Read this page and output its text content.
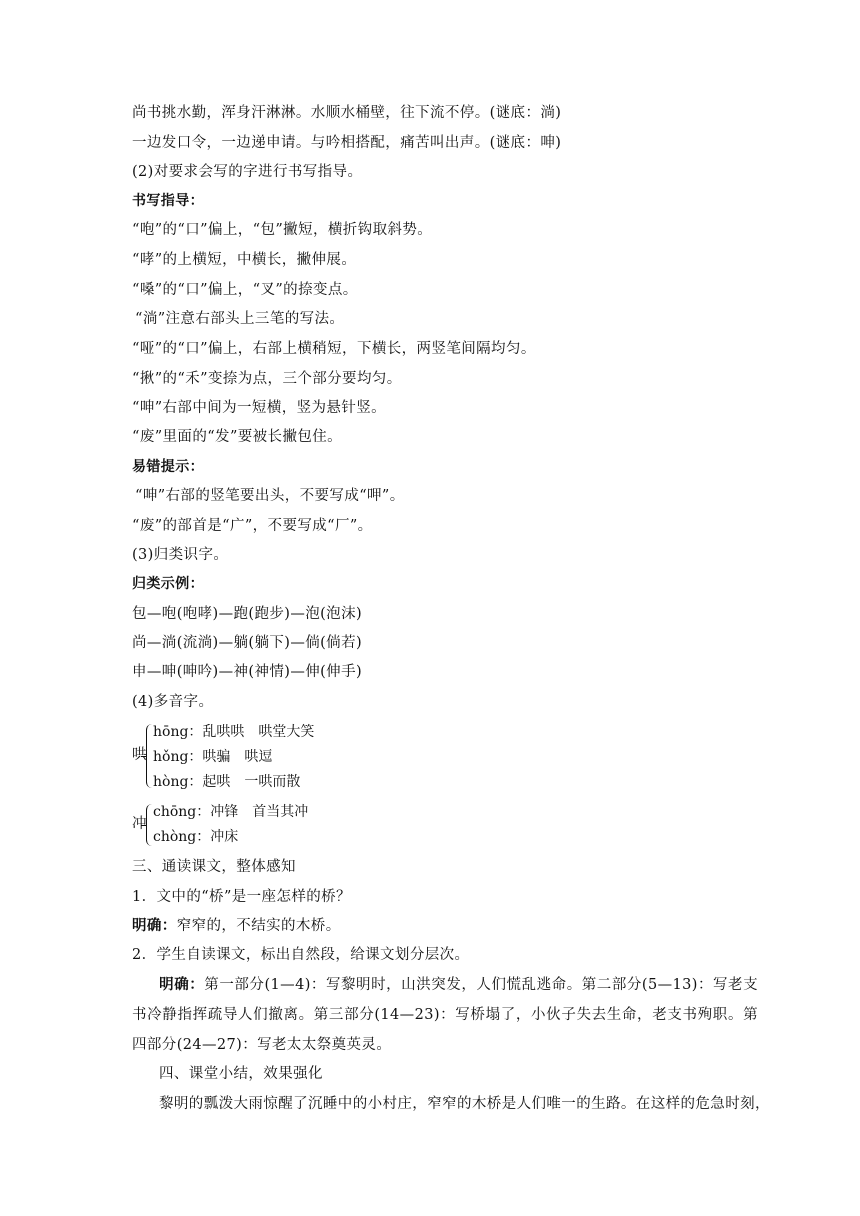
尚书挑水勤，浑身汗淋淋。水顺水桶壁，往下流不停。(谜底：淌)
一边发口令，一边递申请。与吟相搭配，痛苦叫出声。(谜底：呻)
(2)对要求会写的字进行书写指导。
书写指导：
“咆”的“口”偏上，“包”撇短，横折钩取斜势。
“哮”的上横短，中横长，撇伸展。
“嗓”的“口”偏上，“叉”的捺变点。
“淌”注意右部头上三笔的写法。
“哑”的“口”偏上，右部上横稍短，下横长，两竖笔间隔均匀。
“揪”的“禾”变捺为点，三个部分要均匀。
“呻”右部中间为一短横，竖为悬针竖。
“废”里面的“发”要被长撇包住。
易错提示：
“呻”右部的竖笔要出头，不要写成“呷”。
“废”的部首是“广”，不要写成“厂”。
(3)归类识字。
归类示例：
包—咆(咆哮)—跑(跑步)—泡(泡沫)
尚—淌(流淌)—躺(躺下)—倘(倘若)
申—呻(呻吟)—神(神情)—伸(伸手)
(4)多音字。
哄
hōng：乱哄哄　哄堂大笑
hǒng：哄骗　哄逗
hòng：起哄　一哄而散
冲
chōng：冲锋　首当其冲
chòng：冲床
三、通读课文，整体感知
1．文中的“桥”是一座怎样的桥？
明确：窄窄的，不结实的木桥。
2．学生自读课文，标出自然段，给课文划分层次。
明确：第一部分(1—4)：写黎明时，山洪突发，人们慌乱逃命。第二部分(5—13)：写老支书冷静指挥疏导人们撤离。第三部分(14—23)：写桥塌了，小伙子失去生命，老支书殉职。第四部分(24—27)：写老太太祭奠英灵。
四、课堂小结，效果强化
黎明的瓢泼大雨惊醒了沉睡中的小村庄，窄窄的木桥是人们唯一的生路。在这样的危急时刻，
